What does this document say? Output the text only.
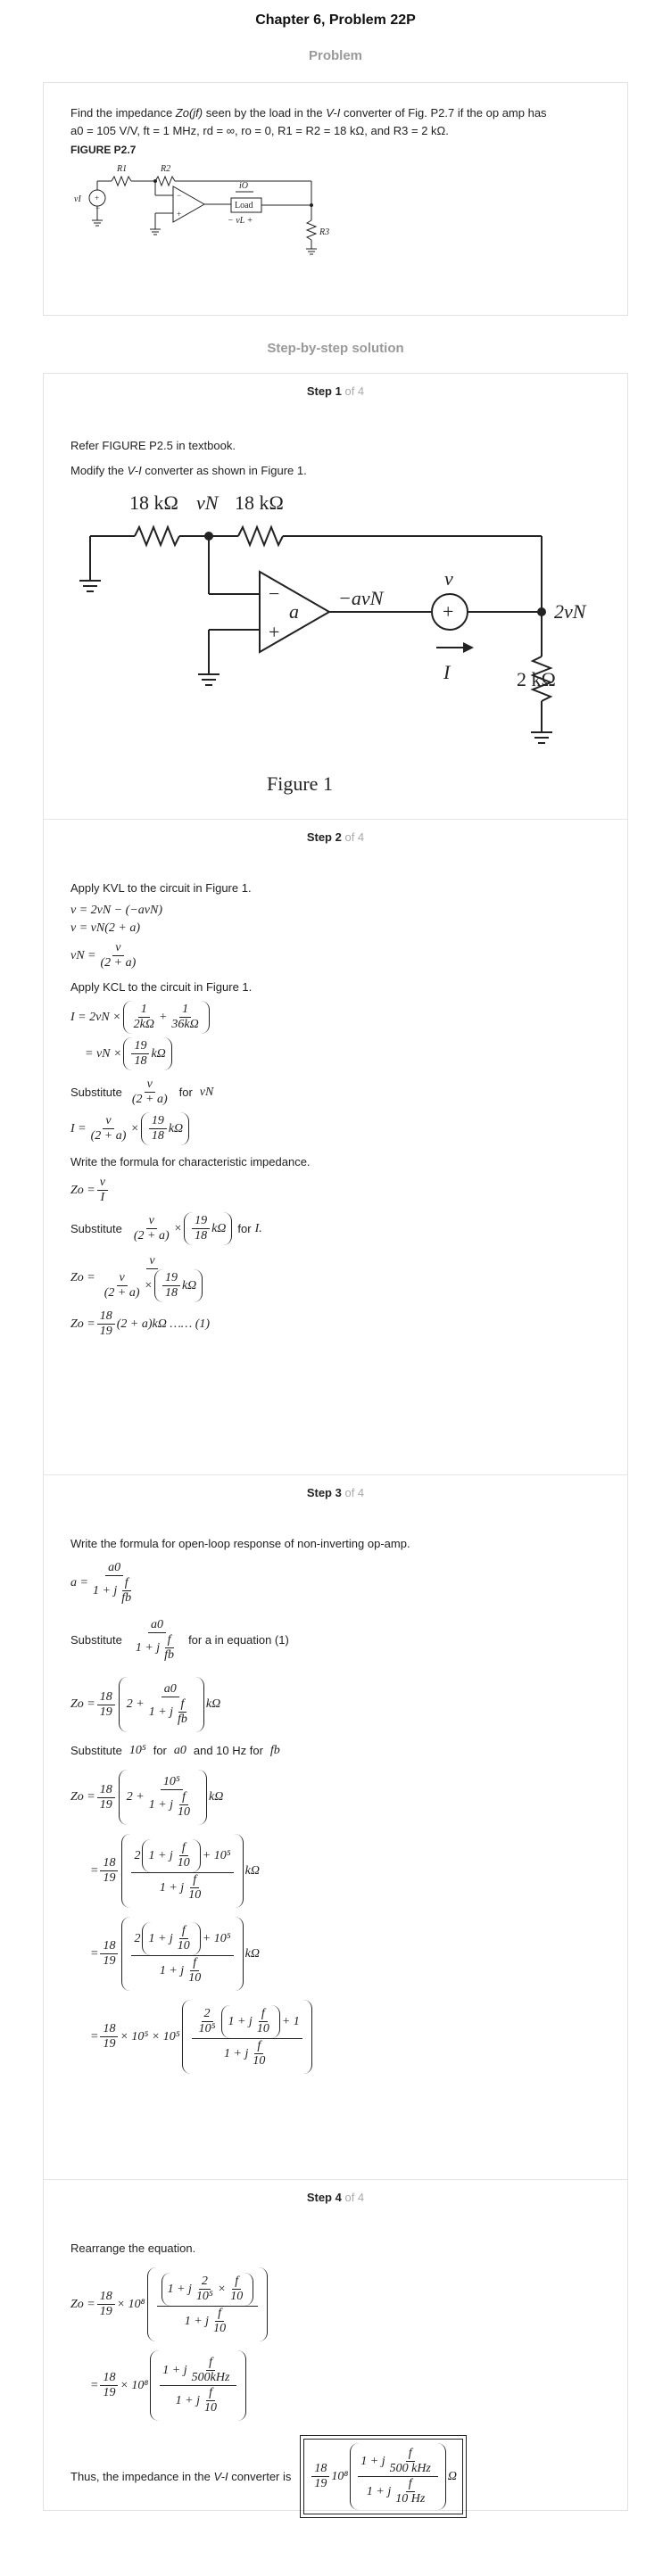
Chapter 6, Problem 22P
Problem
Find the impedance Zo(jf) seen by the load in the V-I converter of Fig. P2.7 if the op amp has
a0 = 105 V/V, ft = 1 MHz, rd = ∞, ro = 0, R1 = R2 = 18 kΩ, and R3 = 2 kΩ.
FIGURE P2.7
+
−
−
+
vI
R1	R2
iO
Load
− vL +
R3
Step-by-step solution
Step 1 of 4

Refer FIGURE P2.5 in textbook.

Modify the V-I converter as shown in Figure 1.

18 kΩ vN 18 kΩ
−
+
a
−avN
+
v
I
2vN
2 kΩ
Figure 1
Step 2 of 4

Apply KVL to the circuit in Figure 1.

v = 2vN − (−avN)
v = vN(2 + a)
vN = $\frac{v}{(2 + a)}$

Apply KCL to the circuit in Figure 1.

$I = 2vN \times \frac{1}{2k\Omega} + \frac{1}{36k\Omega}$
= vN × $\frac{19}{18}$ kΩ
Substitute $\frac{v}{(2 + a)}$ for vN
$I = \frac{v}{(2 + a)} \times \frac{19}{18}$ kΩ

Write the formula for characteristic impedance.

$Zo = \frac{v}{I}$
Substitute $\frac{v}{(2 + a)} \times \frac{19}{18}$ kΩ for I.
Zo =
v
$\frac{v}{(2 + a)} \times \frac{19}{18}$ kΩ
$Zo = \frac{18}{19} (2 + a)k\Omega$ …… (1)
Step 3 of 4

Write the formula for open-loop response of non-inverting op-amp.

$a = \frac{a0}{1 + j \frac{f}{fb}}$
Substitute $\frac{a0}{1 + j \frac{f}{fb}}$ for a in equation (1)
$Zo = \frac{18}{19} 2 + \frac{a0}{1 + j \frac{f}{fb}}$ kΩ
Substitute 10⁵ for a0 and 10 Hz for fb
$Zo = \frac{18}{19} 2 + \frac{\text{10⁵}}{1 + j \frac{f}{10}}$ kΩ
= $\frac{18}{19} \frac{2 1 + j \frac{f}{10} + 10^5}{1 + j \frac{f}{10}}$ kΩ
= $\frac{18}{19} \frac{2 1 + j \frac{f}{10} + 10^5}{1 + j \frac{f}{10}}$ kΩ
= $\frac{18}{19} \times 10^5 \times 10^5 \frac{\frac{2}{\text{10⁵}} 1 + j \frac{f}{10} + 1}{1 + j \frac{f}{10}}$
Step 4 of 4

Rearrange the equation.

$Zo = \frac{18}{19} \times 10^8$
1 + j $\frac{2}{\text{10⁵}} \times \frac{f}{10}$
1 + j $\frac{f}{10}$
= $\frac{18}{19} \times 10^8 \frac{1 + j \frac{f}{\text{500kHz}}}{1 + j \frac{f}{10}}$
Thus, the impedance in the V-I converter is $\frac{18}{19} 10^8 \frac{1 + j \frac{f}{\text{500 kHz}}}{1 + j \frac{f}{10 Hz}}$ Ω
